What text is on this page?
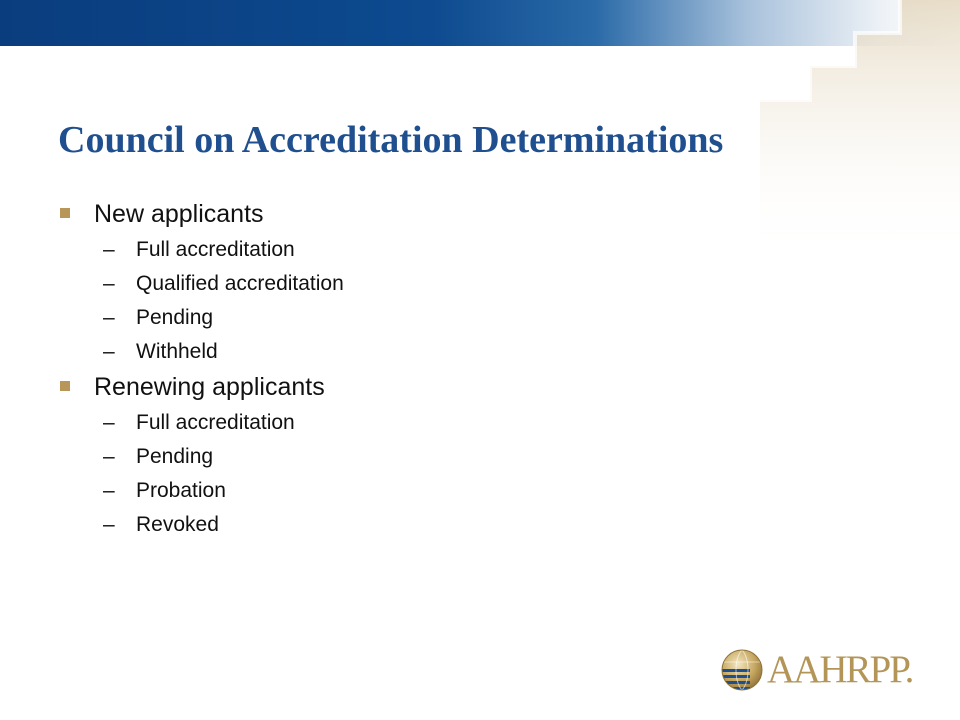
Council on Accreditation Determinations
New applicants
– Full accreditation
– Qualified accreditation
– Pending
– Withheld
Renewing applicants
– Full accreditation
– Pending
– Probation
– Revoked
AAHRPP.
